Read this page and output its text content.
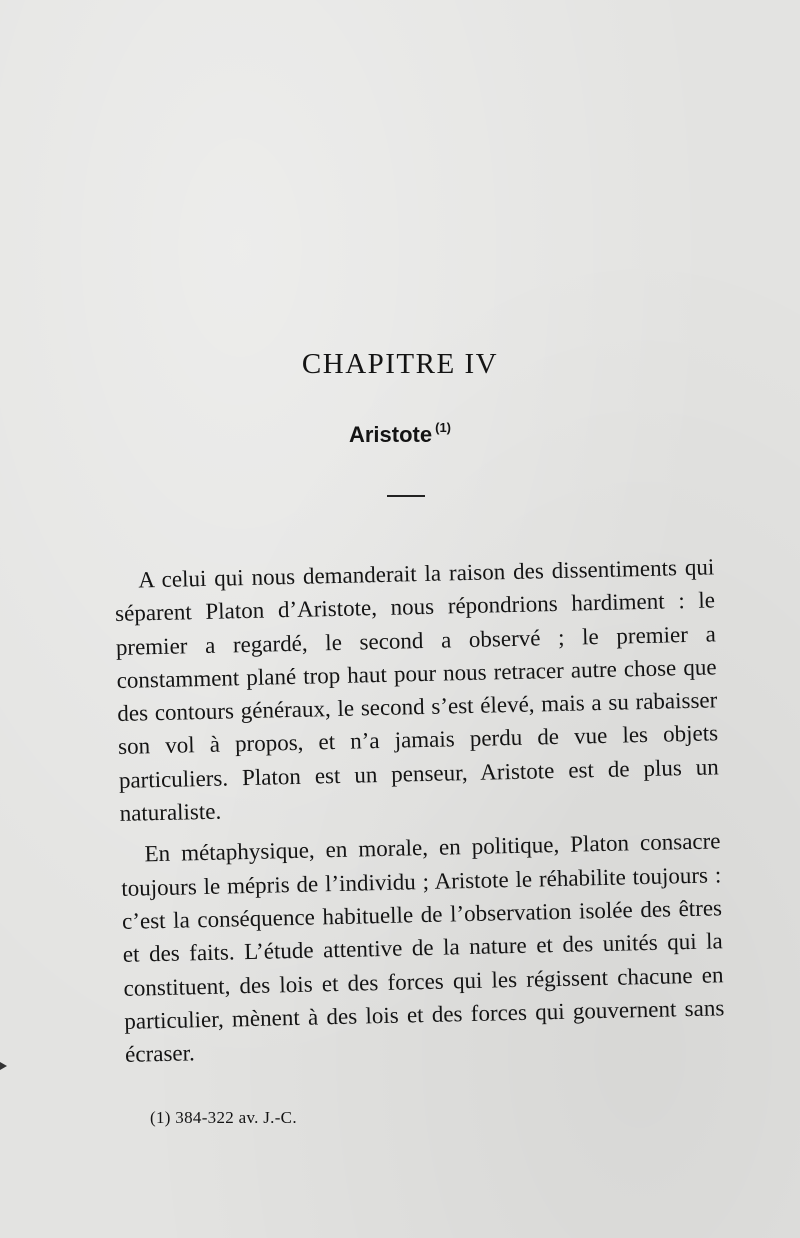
CHAPITRE IV
Aristote $^{(1)}$

A celui qui nous demanderait la raison des dissentiments qui séparent Platon d’Aristote, nous répondrions hardiment : le premier a regardé, le second a observé ; le premier a constamment plané trop haut pour nous retracer autre chose que des contours généraux, le second s’est élevé, mais a su rabaisser son vol à propos, et n’a jamais perdu de vue les objets particuliers. Platon est un penseur, Aristote est de plus un naturaliste.

En métaphysique, en morale, en politique, Platon consacre toujours le mépris de l’individu ; Aristote le réhabilite toujours : c’est la conséquence habituelle de l’observation isolée des êtres et des faits. L’étude attentive de la nature et des unités qui la constituent, des lois et des forces qui les régissent chacune en particulier, mènent à des lois et des forces qui gouvernent sans écraser.

(1) 384-322 av. J.-C.
